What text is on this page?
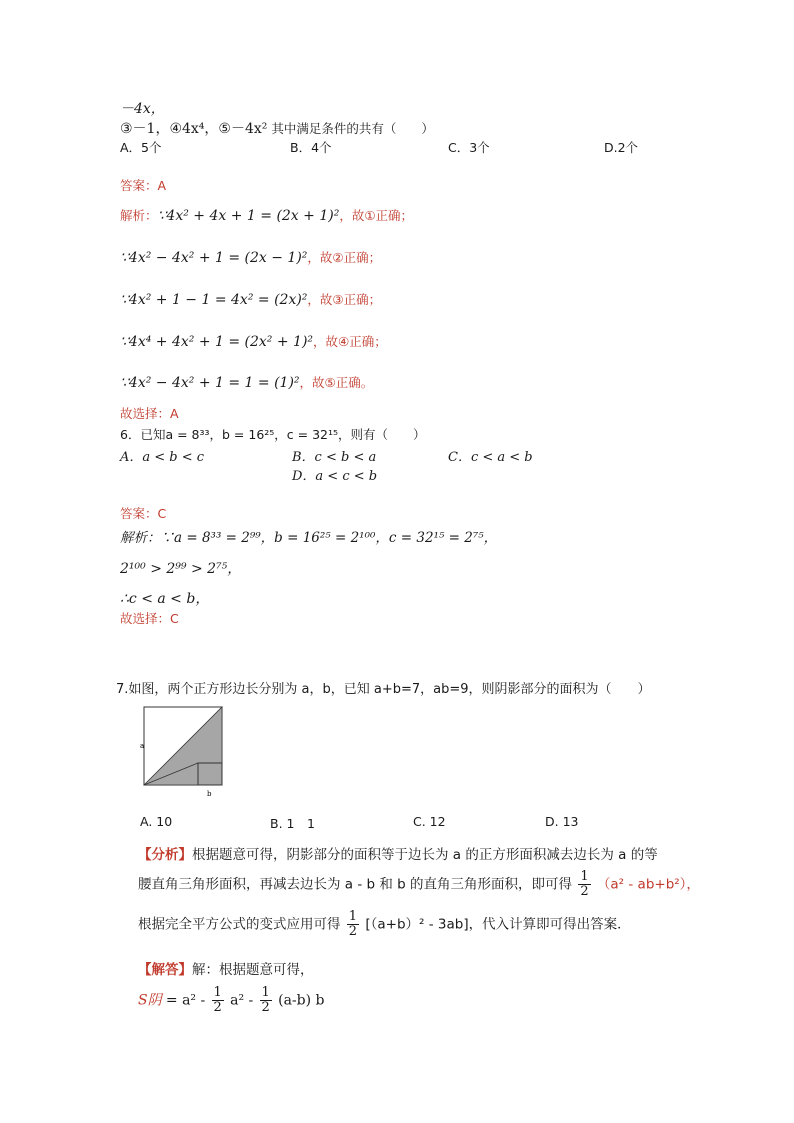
－4x，
③－1，④4x⁴，⑤－4x² 其中满足条件的共有（　　）
A．5个	B．4个	C．3个	D.2个
答案：A
解析：∵4x² + 4x + 1 = (2x + 1)²，故①正确；
∵4x² − 4x² + 1 = (2x − 1)²，故②正确；
∵4x² + 1 − 1 = 4x² = (2x)²，故③正确；
∵4x⁴ + 4x² + 1 = (2x² + 1)²，故④正确；
∵4x² − 4x² + 1 = 1 = (1)²，故⑤正确。
故选择：A
6．已知a = 8³³，b = 16²⁵，c = 32¹⁵，则有（　　）
A．a < b < c	B．c < b < a	C．c < a < b
D．a < c < b
答案：C
解析：∵a = 8³³ = 2⁹⁹，b = 16²⁵ = 2¹⁰⁰，c = 32¹⁵ = 2⁷⁵，
2¹⁰⁰ > 2⁹⁹ > 2⁷⁵，
∴c < a < b，
故选择：C
7.如图，两个正方形边长分别为 a，b，已知 a+b=7，ab=9，则阴影部分的面积为（　　）
a
b
A. 10	B. 1　1	C. 12	D. 13
【分析】根据题意可得，阴影部分的面积等于边长为 a 的正方形面积减去边长为 a 的等
腰直角三角形面积，再减去边长为 a - b 和 b 的直角三角形面积，即可得 $\frac{1}{2} (a^2 - ab+b^2)$，
根据完全平方公式的变式应用可得 $\frac{1}{2} [(a+b)^2 - 3ab]$，代入计算即可得出答案．
【解答】解：根据题意可得，
S阴 = $a^2 - \frac{1}{2} a^2 - \frac{1}{2} (a-b)$ b
